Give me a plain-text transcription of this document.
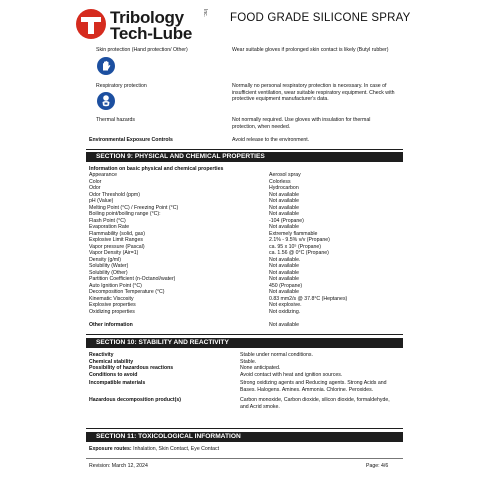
Tribology	Inc.
Tech-Lube
FOOD GRADE SILICONE SPRAY
Skin protection (Hand protection/ Other)	Wear suitable gloves if prolonged skin contact is likely (Butyl rubber)
Respiratory protection	Normally no personal respiratory protection is necessary. In case of insufficient ventilation, wear suitable respiratory equipment. Check with protective equipment manufacturer's data.
Thermal hazards	Not normally required. Use gloves with insulation for thermal protection, when needed.
Environmental Exposure Controls	Avoid release to the environment.
SECTION 9: PHYSICAL AND CHEMICAL PROPERTIES
Information on basic physical and chemical properties
Appearance	Aerosol spray
Color	Colorless
Odor	Hydrocarbon
Odor Threshold (ppm)	Not available
pH (Value)	Not available
Melting Point (°C) / Freezing Point (°C)	Not available
Boiling point/boiling range (°C):	Not available
Flash Point (°C)	-104 (Propane)
Evaporation Rate	Not available
Flammability (solid, gas)	Extremely flammable
Explosive Limit Ranges	2.1% - 9.5% v/v (Propane)
Vapor pressure (Pascal)	ca. 95 x 10⁵ (Propane)
Vapor Density (Air=1)	ca. 1.56 @ 0°C (Propane)
Density (g/ml)	Not available.
Solubility (Water)	Not available
Solubility (Other)	Not available
Partition Coefficient (n-Octanol/water)	Not available
Auto Ignition Point (°C)	450 (Propane)
Decomposition Temperature (°C)	Not available
Kinematic Viscosity	0.83 mm2/s @ 37.8°C (Heptanes)
Explosive properties	Not explosive.
Oxidizing properties	Not oxidizing.
Other information	Not available
SECTION 10: STABILITY AND REACTIVITY
Reactivity	Stable under normal conditions.
Chemical stability	Stable.
Possibility of hazardous reactions	None anticipated.
Conditions to avoid	Avoid contact with heat and ignition sources.
Incompatible materials	Strong oxidizing agents and Reducing agents. Strong Acids and Bases. Halogens. Amines. Ammonia. Chlorine. Peroxides.
Hazardous decomposition product(s)	Carbon monoxide, Carbon dioxide, silicon dioxide, formaldehyde, and Acrid smoke.
SECTION 11: TOXICOLOGICAL INFORMATION
Exposure routes: Inhalation, Skin Contact, Eye Contact
Revision: March 12, 2024	Page: 4/6
